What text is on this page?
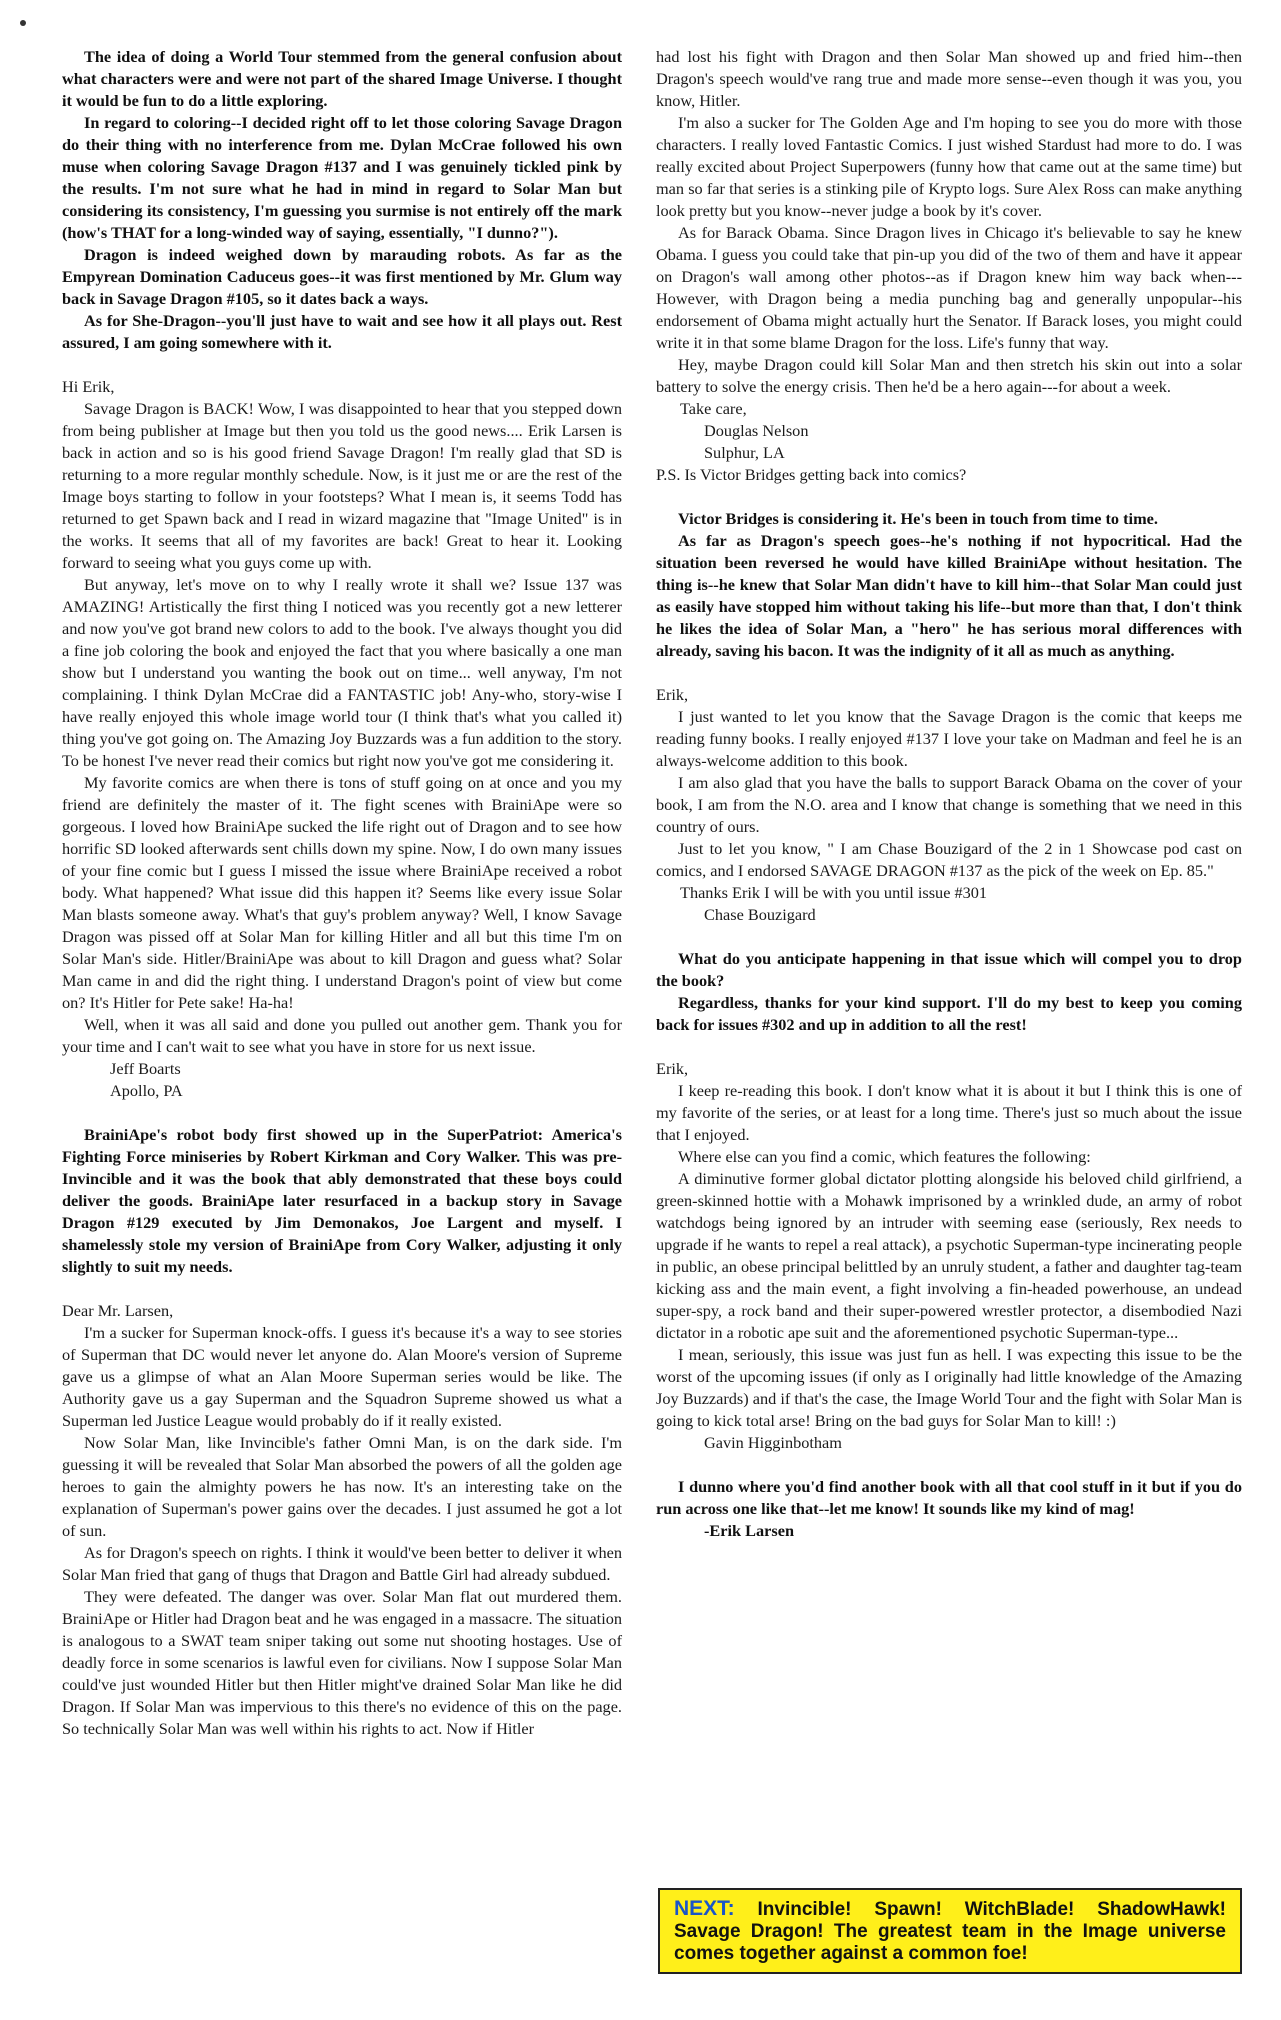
The idea of doing a World Tour stemmed from the general confusion about what characters were and were not part of the shared Image Universe. I thought it would be fun to do a little exploring.

In regard to coloring--I decided right off to let those coloring Savage Dragon do their thing with no interference from me. Dylan McCrae followed his own muse when coloring Savage Dragon #137 and I was genuinely tickled pink by the results. I'm not sure what he had in mind in regard to Solar Man but considering its consistency, I'm guessing you surmise is not entirely off the mark (how's THAT for a long-winded way of saying, essentially, "I dunno?").

Dragon is indeed weighed down by marauding robots. As far as the Empyrean Domination Caduceus goes--it was first mentioned by Mr. Glum way back in Savage Dragon #105, so it dates back a ways.

As for She-Dragon--you'll just have to wait and see how it all plays out. Rest assured, I am going somewhere with it.

Hi Erik,

Savage Dragon is BACK! Wow, I was disappointed to hear that you stepped down from being publisher at Image but then you told us the good news.... Erik Larsen is back in action and so is his good friend Savage Dragon! I'm really glad that SD is returning to a more regular monthly schedule. Now, is it just me or are the rest of the Image boys starting to follow in your footsteps? What I mean is, it seems Todd has returned to get Spawn back and I read in wizard magazine that "Image United" is in the works. It seems that all of my favorites are back! Great to hear it. Looking forward to seeing what you guys come up with.

But anyway, let's move on to why I really wrote it shall we? Issue 137 was AMAZING! Artistically the first thing I noticed was you recently got a new letterer and now you've got brand new colors to add to the book. I've always thought you did a fine job coloring the book and enjoyed the fact that you where basically a one man show but I understand you wanting the book out on time... well anyway, I'm not complaining. I think Dylan McCrae did a FANTASTIC job! Any-who, story-wise I have really enjoyed this whole image world tour (I think that's what you called it) thing you've got going on. The Amazing Joy Buzzards was a fun addition to the story. To be honest I've never read their comics but right now you've got me considering it.

My favorite comics are when there is tons of stuff going on at once and you my friend are definitely the master of it. The fight scenes with BrainiApe were so gorgeous. I loved how BrainiApe sucked the life right out of Dragon and to see how horrific SD looked afterwards sent chills down my spine. Now, I do own many issues of your fine comic but I guess I missed the issue where BrainiApe received a robot body. What happened? What issue did this happen it? Seems like every issue Solar Man blasts someone away. What's that guy's problem anyway? Well, I know Savage Dragon was pissed off at Solar Man for killing Hitler and all but this time I'm on Solar Man's side. Hitler/BrainiApe was about to kill Dragon and guess what? Solar Man came in and did the right thing. I understand Dragon's point of view but come on? It's Hitler for Pete sake! Ha-ha!

Well, when it was all said and done you pulled out another gem. Thank you for your time and I can't wait to see what you have in store for us next issue.

Jeff Boarts

Apollo, PA

BrainiApe's robot body first showed up in the SuperPatriot: America's Fighting Force miniseries by Robert Kirkman and Cory Walker. This was pre-Invincible and it was the book that ably demonstrated that these boys could deliver the goods. BrainiApe later resurfaced in a backup story in Savage Dragon #129 executed by Jim Demonakos, Joe Largent and myself. I shamelessly stole my version of BrainiApe from Cory Walker, adjusting it only slightly to suit my needs.

Dear Mr. Larsen,

I'm a sucker for Superman knock-offs. I guess it's because it's a way to see stories of Superman that DC would never let anyone do. Alan Moore's version of Supreme gave us a glimpse of what an Alan Moore Superman series would be like. The Authority gave us a gay Superman and the Squadron Supreme showed us what a Superman led Justice League would probably do if it really existed.

Now Solar Man, like Invincible's father Omni Man, is on the dark side. I'm guessing it will be revealed that Solar Man absorbed the powers of all the golden age heroes to gain the almighty powers he has now. It's an interesting take on the explanation of Superman's power gains over the decades. I just assumed he got a lot of sun.

As for Dragon's speech on rights. I think it would've been better to deliver it when Solar Man fried that gang of thugs that Dragon and Battle Girl had already subdued.

They were defeated. The danger was over. Solar Man flat out murdered them. BrainiApe or Hitler had Dragon beat and he was engaged in a massacre. The situation is analogous to a SWAT team sniper taking out some nut shooting hostages. Use of deadly force in some scenarios is lawful even for civilians. Now I suppose Solar Man could've just wounded Hitler but then Hitler might've drained Solar Man like he did Dragon. If Solar Man was impervious to this there's no evidence of this on the page. So technically Solar Man was well within his rights to act. Now if Hitler

had lost his fight with Dragon and then Solar Man showed up and fried him--then Dragon's speech would've rang true and made more sense--even though it was you, you know, Hitler.

I'm also a sucker for The Golden Age and I'm hoping to see you do more with those characters. I really loved Fantastic Comics. I just wished Stardust had more to do. I was really excited about Project Superpowers (funny how that came out at the same time) but man so far that series is a stinking pile of Krypto logs. Sure Alex Ross can make anything look pretty but you know--never judge a book by it's cover.

As for Barack Obama. Since Dragon lives in Chicago it's believable to say he knew Obama. I guess you could take that pin-up you did of the two of them and have it appear on Dragon's wall among other photos--as if Dragon knew him way back when---However, with Dragon being a media punching bag and generally unpopular--his endorsement of Obama might actually hurt the Senator. If Barack loses, you might could write it in that some blame Dragon for the loss. Life's funny that way.

Hey, maybe Dragon could kill Solar Man and then stretch his skin out into a solar battery to solve the energy crisis. Then he'd be a hero again---for about a week.

Take care,

Douglas Nelson

Sulphur, LA

P.S. Is Victor Bridges getting back into comics?

Victor Bridges is considering it. He's been in touch from time to time.

As far as Dragon's speech goes--he's nothing if not hypocritical. Had the situation been reversed he would have killed BrainiApe without hesitation. The thing is--he knew that Solar Man didn't have to kill him--that Solar Man could just as easily have stopped him without taking his life--but more than that, I don't think he likes the idea of Solar Man, a "hero" he has serious moral differences with already, saving his bacon. It was the indignity of it all as much as anything.

Erik,

I just wanted to let you know that the Savage Dragon is the comic that keeps me reading funny books. I really enjoyed #137 I love your take on Madman and feel he is an always-welcome addition to this book.

I am also glad that you have the balls to support Barack Obama on the cover of your book, I am from the N.O. area and I know that change is something that we need in this country of ours.

Just to let you know, " I am Chase Bouzigard of the 2 in 1 Showcase pod cast on comics, and I endorsed SAVAGE DRAGON #137 as the pick of the week on Ep. 85."

Thanks Erik I will be with you until issue #301

Chase Bouzigard

What do you anticipate happening in that issue which will compel you to drop the book?

Regardless, thanks for your kind support. I'll do my best to keep you coming back for issues #302 and up in addition to all the rest!

Erik,

I keep re-reading this book. I don't know what it is about it but I think this is one of my favorite of the series, or at least for a long time. There's just so much about the issue that I enjoyed.

Where else can you find a comic, which features the following:

A diminutive former global dictator plotting alongside his beloved child girlfriend, a green-skinned hottie with a Mohawk imprisoned by a wrinkled dude, an army of robot watchdogs being ignored by an intruder with seeming ease (seriously, Rex needs to upgrade if he wants to repel a real attack), a psychotic Superman-type incinerating people in public, an obese principal belittled by an unruly student, a father and daughter tag-team kicking ass and the main event, a fight involving a fin-headed powerhouse, an undead super-spy, a rock band and their super-powered wrestler protector, a disembodied Nazi dictator in a robotic ape suit and the aforementioned psychotic Superman-type...

I mean, seriously, this issue was just fun as hell. I was expecting this issue to be the worst of the upcoming issues (if only as I originally had little knowledge of the Amazing Joy Buzzards) and if that's the case, the Image World Tour and the fight with Solar Man is going to kick total arse! Bring on the bad guys for Solar Man to kill! :)

Gavin Higginbotham

I dunno where you'd find another book with all that cool stuff in it but if you do run across one like that--let me know! It sounds like my kind of mag!

-Erik Larsen

NEXT: Invincible! Spawn! WitchBlade! ShadowHawk! Savage Dragon! The greatest team in the Image universe comes together against a common foe!
